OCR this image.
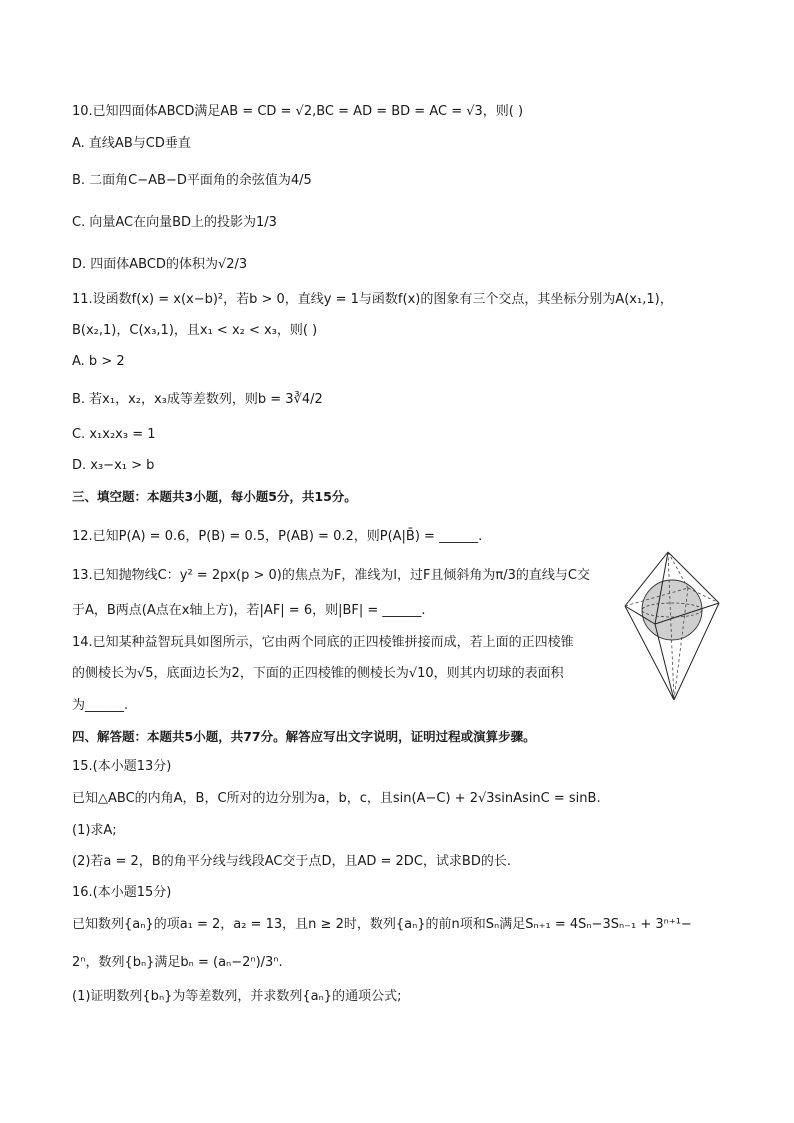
10.已知四面体ABCD满足AB = CD = √2,BC = AD = BD = AC = √3，则( )
A. 直线AB与CD垂直
B. 二面角C−AB−D平面角的余弦值为4/5
C. 向量AC在向量BD上的投影为1/3
D. 四面体ABCD的体积为√2/3
11.设函数f(x) = x(x−b)²，若b > 0，直线y = 1与函数f(x)的图象有三个交点，其坐标分别为A(x₁,1)，
B(x₂,1)，C(x₃,1)，且x₁ < x₂ < x₃，则( )
A. b > 2
B. 若x₁，x₂，x₃成等差数列，则b = 3∛4/2
C. x₁x₂x₃ = 1
D. x₃−x₁ > b
三、填空题：本题共3小题，每小题5分，共15分。
12.已知P(A) = 0.6，P(B) = 0.5，P(AB) = 0.2，则P(A|B̄) = ______.
13.已知抛物线C：y² = 2px(p > 0)的焦点为F，准线为l，过F且倾斜角为π/3的直线与C交
于A，B两点(A点在x轴上方)，若|AF| = 6，则|BF| = ______.
14.已知某种益智玩具如图所示，它由两个同底的正四棱锥拼接而成，若上面的正四棱锥
的侧棱长为√5，底面边长为2，下面的正四棱锥的侧棱长为√10，则其内切球的表面积
为______.
四、解答题：本题共5小题，共77分。解答应写出文字说明，证明过程或演算步骤。
15.(本小题13分)
已知△ABC的内角A，B，C所对的边分别为a，b，c，且sin(A−C) + 2√3sinAsinC = sinB.
(1)求A;
(2)若a = 2，B的角平分线与线段AC交于点D，且AD = 2DC，试求BD的长.
16.(本小题15分)
已知数列{aₙ}的项a₁ = 2，a₂ = 13，且n ≥ 2时，数列{aₙ}的前n项和Sₙ满足Sₙ₊₁ = 4Sₙ−3Sₙ₋₁ + 3ⁿ⁺¹−
2ⁿ，数列{bₙ}满足bₙ = (aₙ−2ⁿ)/3ⁿ.
(1)证明数列{bₙ}为等差数列，并求数列{aₙ}的通项公式;
